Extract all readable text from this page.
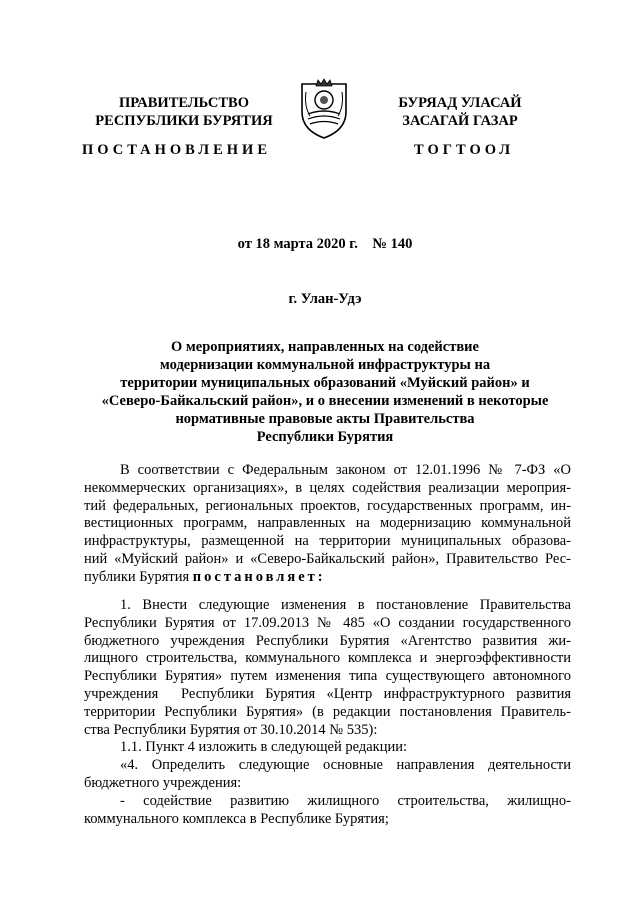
ПРАВИТЕЛЬСТВО
РЕСПУБЛИКИ БУРЯТИЯ
БУРЯАД УЛАСАЙ
ЗАСАГАЙ ГАЗАР
ПОСТАНОВЛЕНИЕ	ТОГТООЛ
от 18 марта 2020 г.    № 140
г. Улан-Удэ
О мероприятиях, направленных на содействие
модернизации коммунальной инфраструктуры на
территории муниципальных образований «Муйский район» и
«Северо-Байкальский район», и о внесении изменений в некоторые
нормативные правовые акты Правительства
Республики Бурятия
В соответствии с Федеральным законом от 12.01.1996 № 7-ФЗ «О
некоммерческих организациях», в целях содействия реализации мероприя-
тий федеральных, региональных проектов, государственных программ, ин-
вестиционных программ, направленных на модернизацию коммунальной
инфраструктуры, размещенной на территории муниципальных образова-
ний «Муйский район» и «Северо-Байкальский район», Правительство Рес-
публики Бурятия постановляет:
1. Внести следующие изменения в постановление Правительства
Республики Бурятия от 17.09.2013 № 485 «О создании государственного
бюджетного учреждения Республики Бурятия «Агентство развития жи-
лищного строительства, коммунального комплекса и энергоэффективности
Республики Бурятия» путем изменения типа существующего автономного
учреждения  Республики Бурятия «Центр инфраструктурного развития
территории Республики Бурятия» (в редакции постановления Правитель-
ства Республики Бурятия от 30.10.2014 № 535):
1.1. Пункт 4 изложить в следующей редакции:
«4. Определить следующие основные направления деятельности
бюджетного учреждения:
-  содействие  развитию  жилищного  строительства,  жилищно-
коммунального комплекса в Республике Бурятия;
